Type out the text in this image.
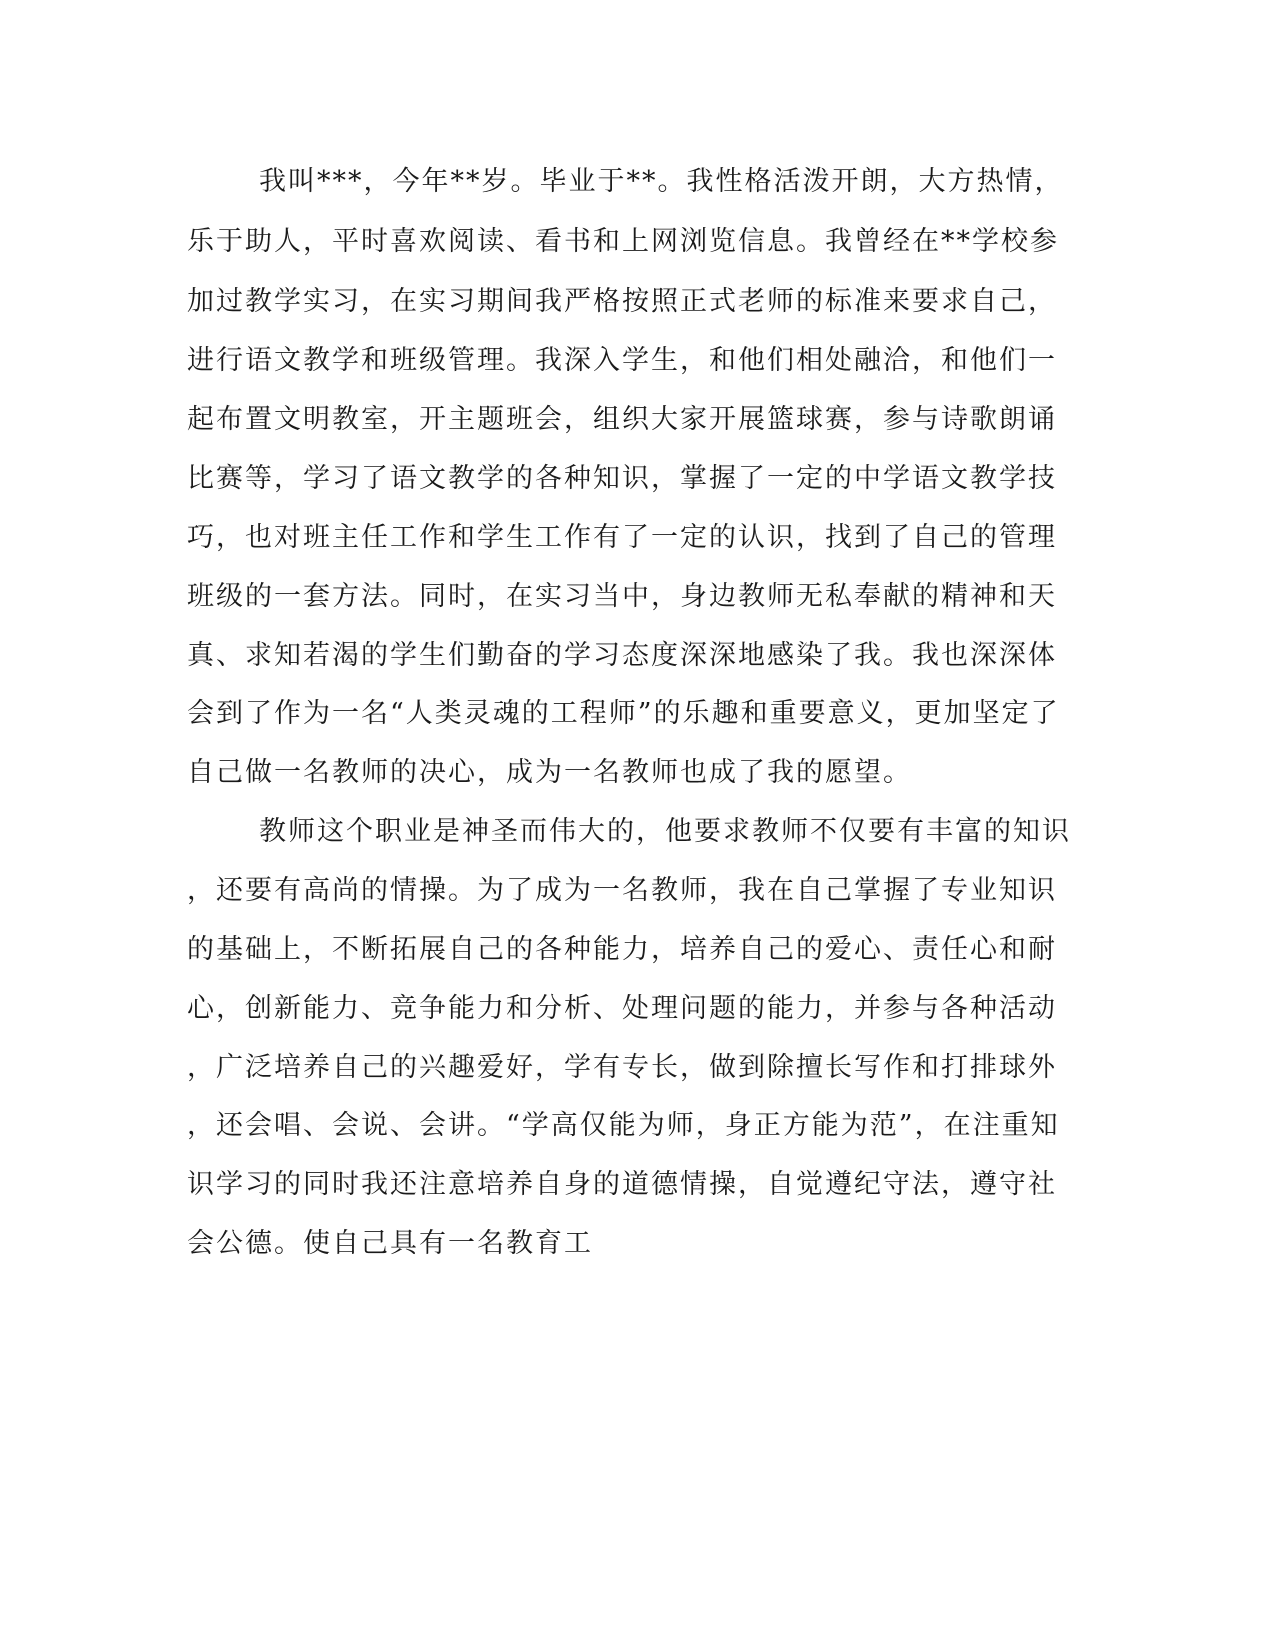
我叫***，今年**岁。毕业于**。我性格活泼开朗，大方热情，
乐于助人，平时喜欢阅读、看书和上网浏览信息。我曾经在**学校参
加过教学实习，在实习期间我严格按照正式老师的标准来要求自己，
进行语文教学和班级管理。我深入学生，和他们相处融洽，和他们一
起布置文明教室，开主题班会，组织大家开展篮球赛，参与诗歌朗诵
比赛等，学习了语文教学的各种知识，掌握了一定的中学语文教学技
巧，也对班主任工作和学生工作有了一定的认识，找到了自己的管理
班级的一套方法。同时，在实习当中，身边教师无私奉献的精神和天
真、求知若渴的学生们勤奋的学习态度深深地感染了我。我也深深体
会到了作为一名“人类灵魂的工程师”的乐趣和重要意义，更加坚定了
自己做一名教师的决心，成为一名教师也成了我的愿望。
教师这个职业是神圣而伟大的，他要求教师不仅要有丰富的知识
，还要有高尚的情操。为了成为一名教师，我在自己掌握了专业知识
的基础上，不断拓展自己的各种能力，培养自己的爱心、责任心和耐
心，创新能力、竞争能力和分析、处理问题的能力，并参与各种活动
，广泛培养自己的兴趣爱好，学有专长，做到除擅长写作和打排球外
，还会唱、会说、会讲。“学高仅能为师，身正方能为范”，在注重知
识学习的同时我还注意培养自身的道德情操，自觉遵纪守法，遵守社
会公德。使自己具有一名教育工
